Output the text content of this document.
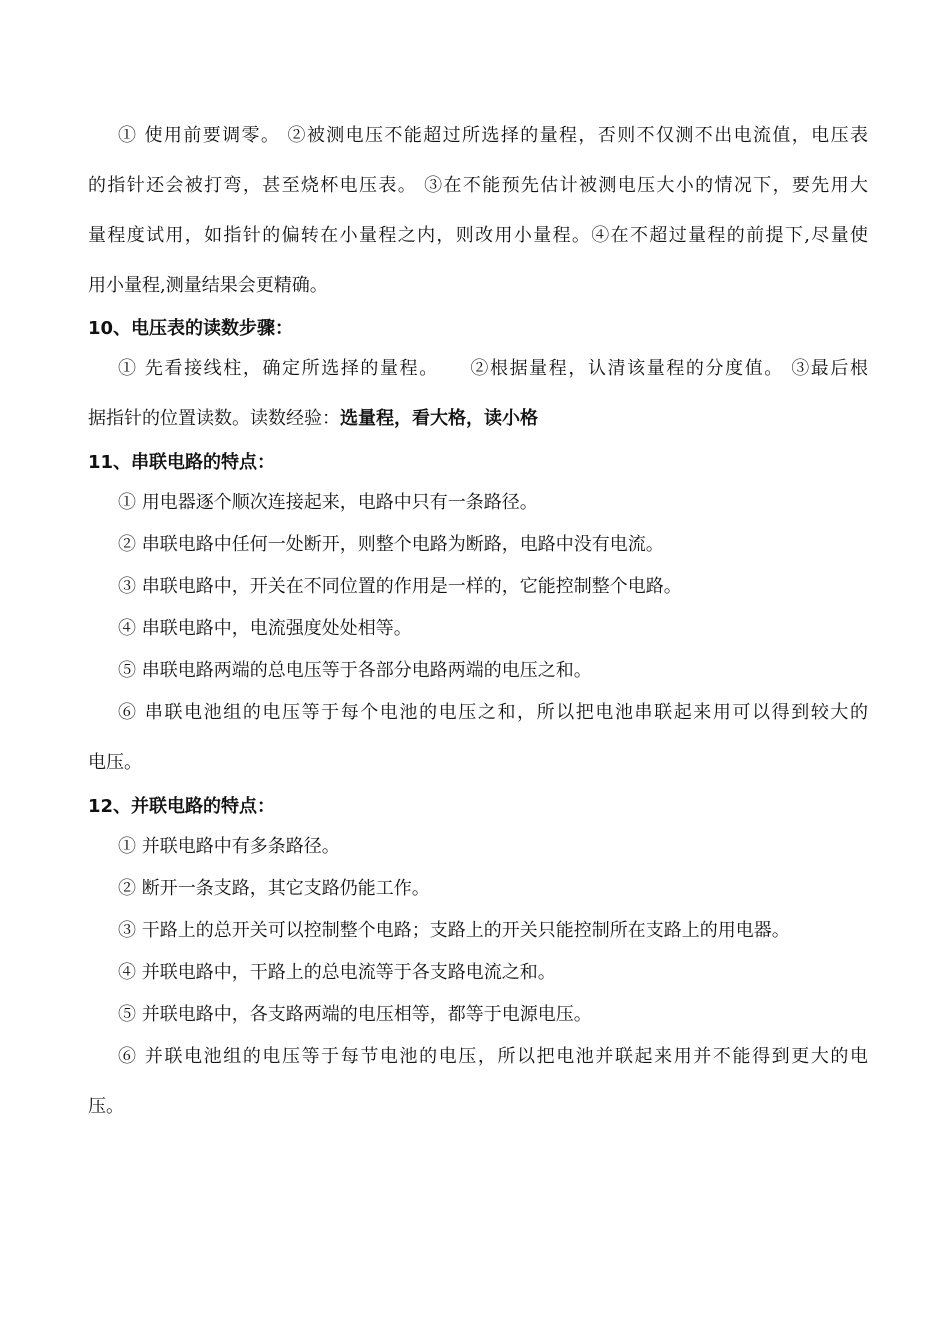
① 使用前要调零。 ②被测电压不能超过所选择的量程，否则不仅测不出电流值，电压表
的指针还会被打弯，甚至烧杯电压表。 ③在不能预先估计被测电压大小的情况下，要先用大
量程度试用，如指针的偏转在小量程之内，则改用小量程。④在不超过量程的前提下,尽量使
用小量程,测量结果会更精确。
10、电压表的读数步骤：
① 先看接线柱，确定所选择的量程。 ②根据量程，认清该量程的分度值。 ③最后根
据指针的位置读数。读数经验：选量程，看大格，读小格
11、串联电路的特点：
① 用电器逐个顺次连接起来，电路中只有一条路径。
② 串联电路中任何一处断开，则整个电路为断路，电路中没有电流。
③ 串联电路中，开关在不同位置的作用是一样的，它能控制整个电路。
④ 串联电路中，电流强度处处相等。
⑤ 串联电路两端的总电压等于各部分电路两端的电压之和。
⑥ 串联电池组的电压等于每个电池的电压之和，所以把电池串联起来用可以得到较大的
电压。
12、并联电路的特点：
① 并联电路中有多条路径。
② 断开一条支路，其它支路仍能工作。
③ 干路上的总开关可以控制整个电路；支路上的开关只能控制所在支路上的用电器。
④ 并联电路中，干路上的总电流等于各支路电流之和。
⑤ 并联电路中，各支路两端的电压相等，都等于电源电压。
⑥ 并联电池组的电压等于每节电池的电压，所以把电池并联起来用并不能得到更大的电
压。
